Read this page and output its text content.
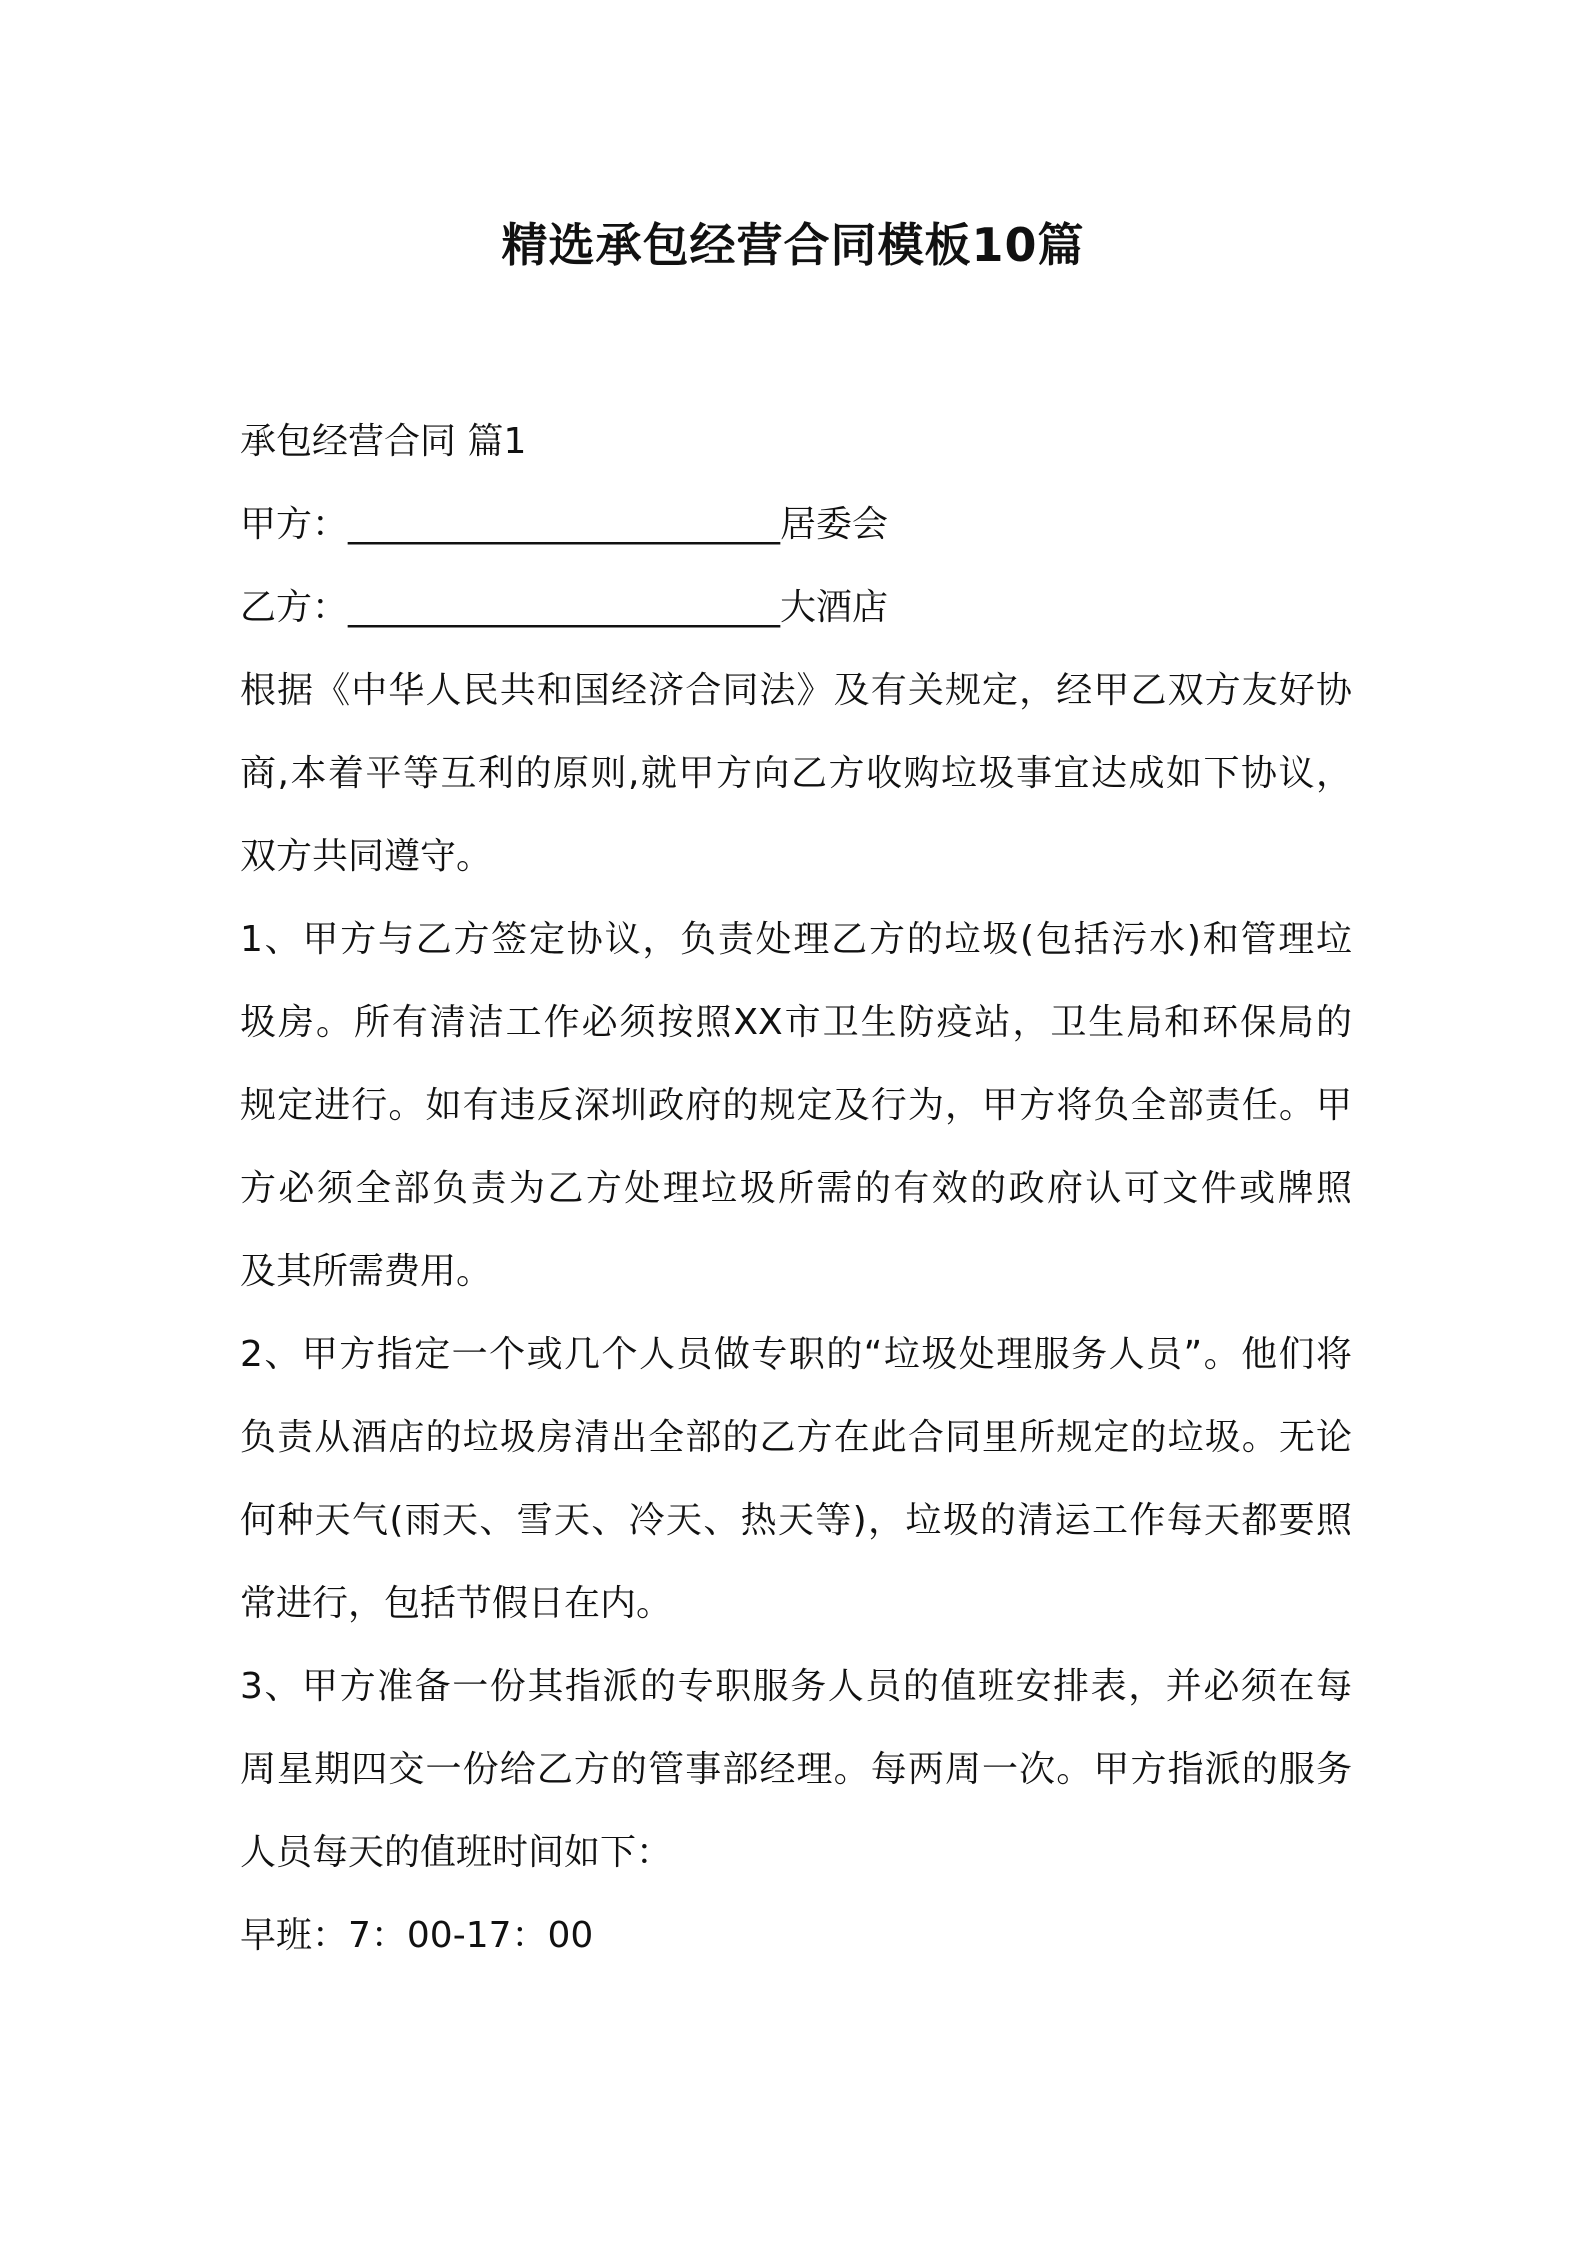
精选承包经营合同模板10篇
承包经营合同 篇1
甲方：________________________居委会
乙方：________________________大酒店
根据《中华人民共和国经济合同法》及有关规定，经甲乙双方友好协
商,本着平等互利的原则,就甲方向乙方收购垃圾事宜达成如下协议，
双方共同遵守。
1、甲方与乙方签定协议，负责处理乙方的垃圾(包括污水)和管理垃
圾房。所有清洁工作必须按照XX市卫生防疫站，卫生局和环保局的
规定进行。如有违反深圳政府的规定及行为，甲方将负全部责任。甲
方必须全部负责为乙方处理垃圾所需的有效的政府认可文件或牌照
及其所需费用。
2、甲方指定一个或几个人员做专职的“垃圾处理服务人员”。他们将
负责从酒店的垃圾房清出全部的乙方在此合同里所规定的垃圾。无论
何种天气(雨天、雪天、冷天、热天等)，垃圾的清运工作每天都要照
常进行，包括节假日在内。
3、甲方准备一份其指派的专职服务人员的值班安排表，并必须在每
周星期四交一份给乙方的管事部经理。每两周一次。甲方指派的服务
人员每天的值班时间如下：
早班：7：00-17：00
